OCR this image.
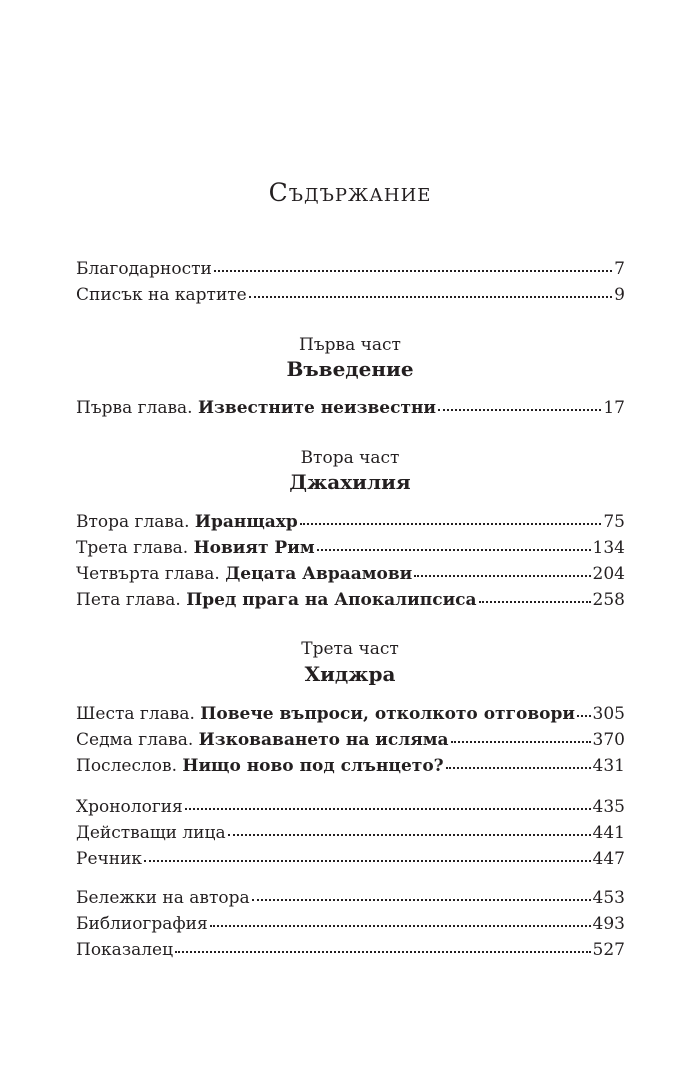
Съдържание
Благодарности	7
Списък на картите	9
Първа част
Въведение
Първа глава. Известните неизвестни	17
Втора част
Джахилия
Втора глава. Иранщахр	75
Трета глава. Новият Рим	134
Четвърта глава. Децата Авраамови	204
Пета глава. Пред прага на Апокалипсиса	258
Трета част
Хиджра
Шеста глава. Повече въпроси, отколкото отговори 305
Седма глава. Изковаването на исляма	370
Послеслов. Нищо ново под слънцето?	431
Хронология	435
Действащи лица	441
Речник	447
Бележки на автора	453
Библиография	493
Показалец	527
